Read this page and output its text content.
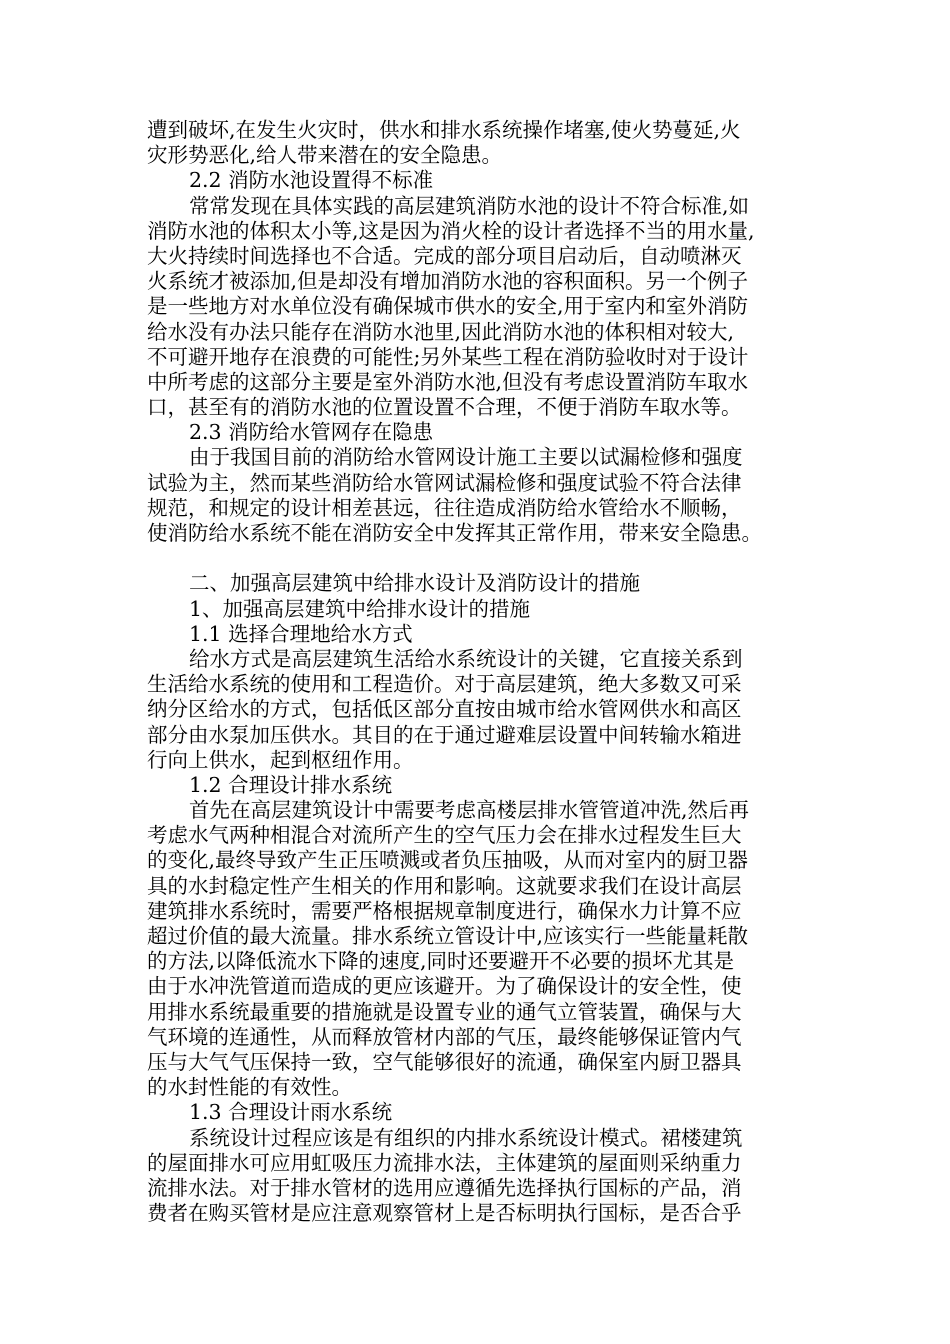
遭到破坏,在发生火灾时，供水和排水系统操作堵塞,使火势蔓延,火
灾形势恶化,给人带来潜在的安全隐患。
2.2 消防水池设置得不标准
常常发现在具体实践的高层建筑消防水池的设计不符合标准,如
消防水池的体积太小等,这是因为消火栓的设计者选择不当的用水量,
大火持续时间选择也不合适。完成的部分项目启动后，自动喷淋灭
火系统才被添加,但是却没有增加消防水池的容积面积。另一个例子
是一些地方对水单位没有确保城市供水的安全,用于室内和室外消防
给水没有办法只能存在消防水池里,因此消防水池的体积相对较大,
不可避开地存在浪费的可能性;另外某些工程在消防验收时对于设计
中所考虑的这部分主要是室外消防水池,但没有考虑设置消防车取水
口，甚至有的消防水池的位置设置不合理，不便于消防车取水等。
2.3 消防给水管网存在隐患
由于我国目前的消防给水管网设计施工主要以试漏检修和强度
试验为主，然而某些消防给水管网试漏检修和强度试验不符合法律
规范，和规定的设计相差甚远，往往造成消防给水管给水不顺畅，
使消防给水系统不能在消防安全中发挥其正常作用，带来安全隐患。
二、加强高层建筑中给排水设计及消防设计的措施
1、加强高层建筑中给排水设计的措施
1.1 选择合理地给水方式
给水方式是高层建筑生活给水系统设计的关键，它直接关系到
生活给水系统的使用和工程造价。对于高层建筑，绝大多数又可采
纳分区给水的方式，包括低区部分直按由城市给水管网供水和高区
部分由水泵加压供水。其目的在于通过避难层设置中间转输水箱进
行向上供水，起到枢纽作用。
1.2 合理设计排水系统
首先在高层建筑设计中需要考虑高楼层排水管管道冲洗,然后再
考虑水气两种相混合对流所产生的空气压力会在排水过程发生巨大
的变化,最终导致产生正压喷溅或者负压抽吸，从而对室内的厨卫器
具的水封稳定性产生相关的作用和影响。这就要求我们在设计高层
建筑排水系统时，需要严格根据规章制度进行，确保水力计算不应
超过价值的最大流量。排水系统立管设计中,应该实行一些能量耗散
的方法,以降低流水下降的速度,同时还要避开不必要的损坏尤其是
由于水冲洗管道而造成的更应该避开。为了确保设计的安全性，使
用排水系统最重要的措施就是设置专业的通气立管装置，确保与大
气环境的连通性，从而释放管材内部的气压，最终能够保证管内气
压与大气气压保持一致，空气能够很好的流通，确保室内厨卫器具
的水封性能的有效性。
1.3 合理设计雨水系统
系统设计过程应该是有组织的内排水系统设计模式。裙楼建筑
的屋面排水可应用虹吸压力流排水法，主体建筑的屋面则采纳重力
流排水法。对于排水管材的选用应遵循先选择执行国标的产品，消
费者在购买管材是应注意观察管材上是否标明执行国标，是否合乎
